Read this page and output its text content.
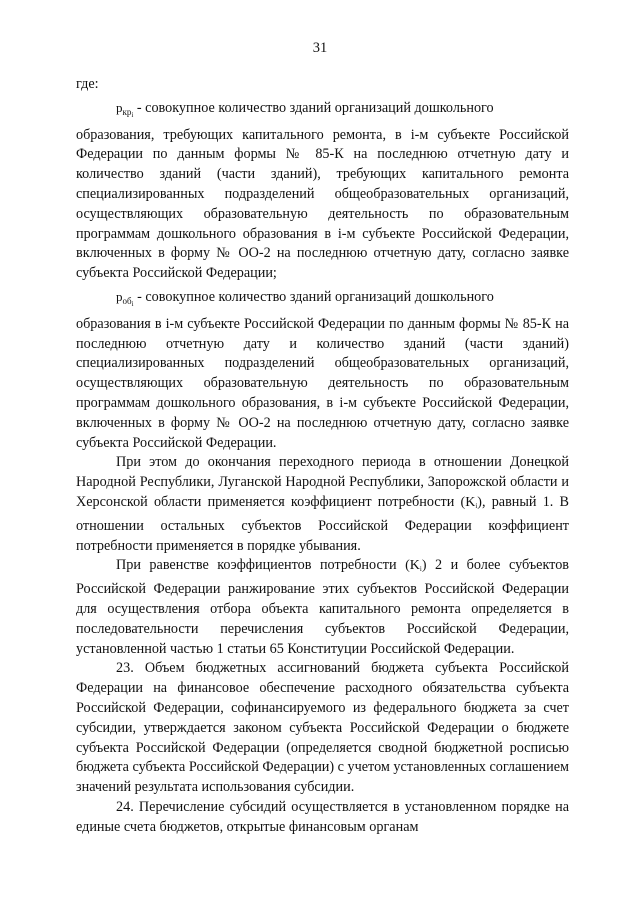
31

где:

$p_{кр_i}$ - совокупное количество зданий организаций дошкольного

образования, требующих капитального ремонта, в i-м субъекте Российской Федерации по данным формы № 85-К на последнюю отчетную дату и количество зданий (части зданий), требующих капитального ремонта специализированных подразделений общеобразовательных организаций, осуществляющих образовательную деятельность по образовательным программам дошкольного образования в i-м субъекте Российской Федерации, включенных в форму № ОО-2 на последнюю отчетную дату, согласно заявке субъекта Российской Федерации;

$p_{об_i}$ - совокупное количество зданий организаций дошкольного

образования в i-м субъекте Российской Федерации по данным формы № 85-К на последнюю отчетную дату и количество зданий (части зданий) специализированных подразделений общеобразовательных организаций, осуществляющих образовательную деятельность по образовательным программам дошкольного образования, в i-м субъекте Российской Федерации, включенных в форму № ОО-2 на последнюю отчетную дату, согласно заявке субъекта Российской Федерации.

При этом до окончания переходного периода в отношении Донецкой Народной Республики, Луганской Народной Республики, Запорожской области и Херсонской области применяется коэффициент потребности (Ki), равный 1. В отношении остальных субъектов Российской Федерации коэффициент потребности применяется в порядке убывания.

При равенстве коэффициентов потребности (Ki) 2 и более субъектов Российской Федерации ранжирование этих субъектов Российской Федерации для осуществления отбора объекта капитального ремонта определяется в последовательности перечисления субъектов Российской Федерации, установленной частью 1 статьи 65 Конституции Российской Федерации.

23. Объем бюджетных ассигнований бюджета субъекта Российской Федерации на финансовое обеспечение расходного обязательства субъекта Российской Федерации, софинансируемого из федерального бюджета за счет субсидии, утверждается законом субъекта Российской Федерации о бюджете субъекта Российской Федерации (определяется сводной бюджетной росписью бюджета субъекта Российской Федерации) с учетом установленных соглашением значений результата использования субсидии.

24. Перечисление субсидий осуществляется в установленном порядке на единые счета бюджетов, открытые финансовым органам
